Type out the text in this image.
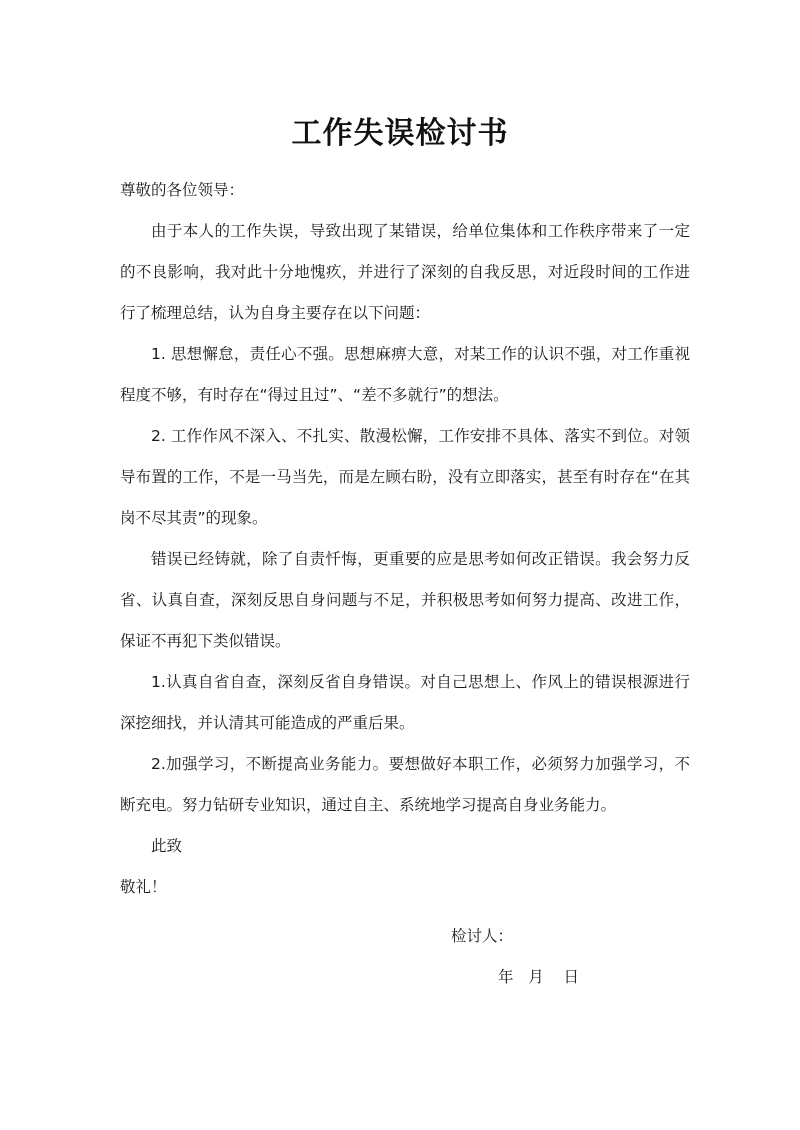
工作失误检讨书

尊敬的各位领导：

由于本人的工作失误，导致出现了某错误，给单位集体和工作秩序带来了一定的不良影响，我对此十分地愧疚，并进行了深刻的自我反思，对近段时间的工作进行了梳理总结，认为自身主要存在以下问题：

1. 思想懈怠，责任心不强。思想麻痹大意，对某工作的认识不强，对工作重视程度不够，有时存在“得过且过”、“差不多就行”的想法。

2. 工作作风不深入、不扎实、散漫松懈，工作安排不具体、落实不到位。对领导布置的工作，不是一马当先，而是左顾右盼，没有立即落实，甚至有时存在“在其岗不尽其责”的现象。

错误已经铸就，除了自责忏悔，更重要的应是思考如何改正错误。我会努力反省、认真自查，深刻反思自身问题与不足，并积极思考如何努力提高、改进工作，保证不再犯下类似错误。

1.认真自省自查，深刻反省自身错误。对自己思想上、作风上的错误根源进行深挖细找，并认清其可能造成的严重后果。

2.加强学习，不断提高业务能力。要想做好本职工作，必须努力加强学习，不断充电。努力钻研专业知识，通过自主、系统地学习提高自身业务能力。

此致

敬礼！

检讨人：
年   月    日
